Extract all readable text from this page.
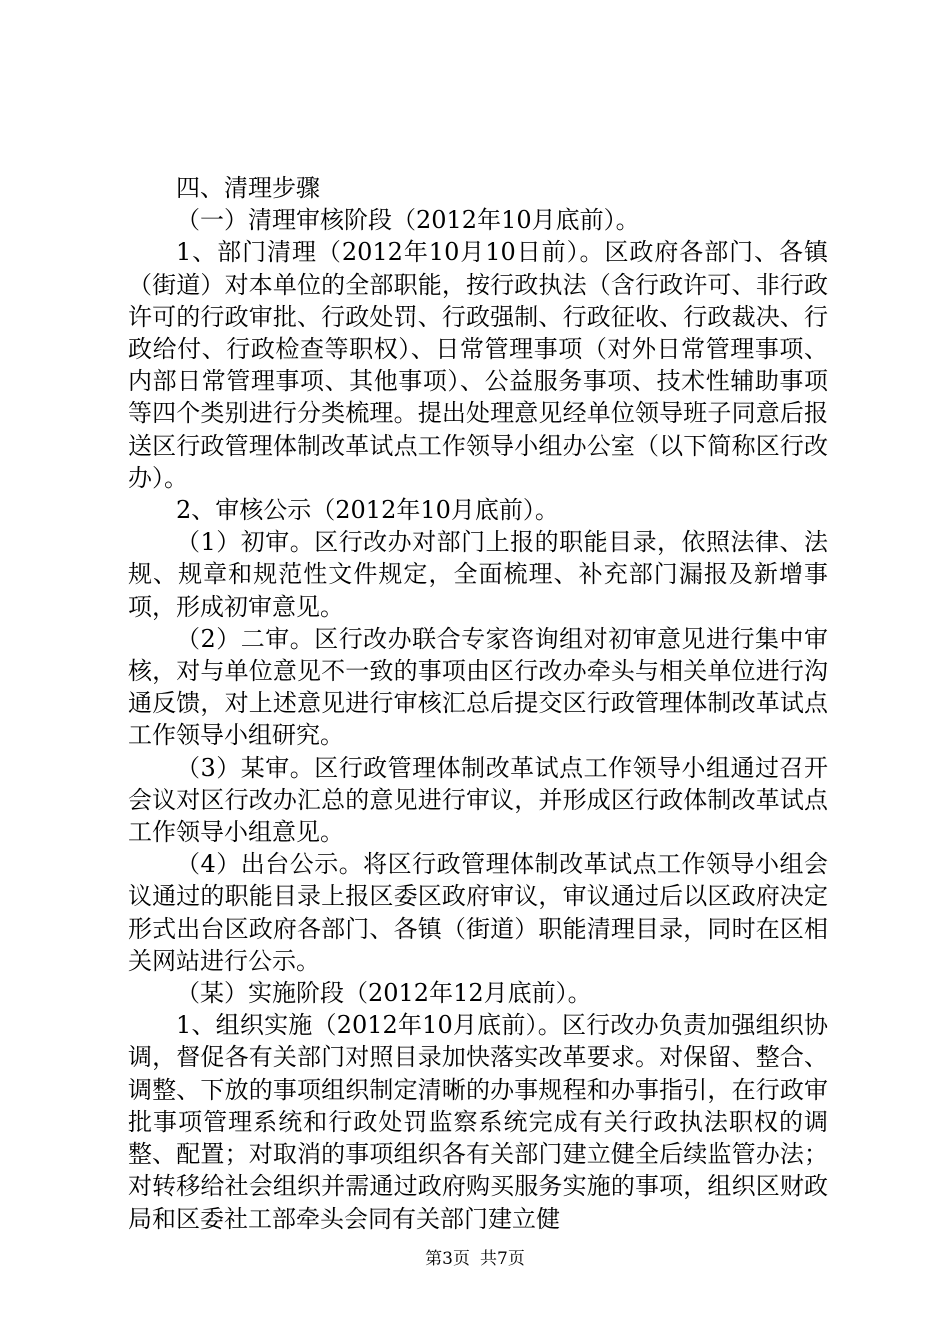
四、清理步骤

（一）清理审核阶段（2012年10月底前）。

1、部门清理（2012年10月10日前）。区政府各部门、各镇（街道）对本单位的全部职能，按行政执法（含行政许可、非行政许可的行政审批、行政处罚、行政强制、行政征收、行政裁决、行政给付、行政检查等职权）、日常管理事项（对外日常管理事项、内部日常管理事项、其他事项）、公益服务事项、技术性辅助事项等四个类别进行分类梳理。提出处理意见经单位领导班子同意后报送区行政管理体制改革试点工作领导小组办公室（以下简称区行改办）。

2、审核公示（2012年10月底前）。

（1）初审。区行改办对部门上报的职能目录，依照法律、法规、规章和规范性文件规定，全面梳理、补充部门漏报及新增事项，形成初审意见。

（2）二审。区行改办联合专家咨询组对初审意见进行集中审核，对与单位意见不一致的事项由区行改办牵头与相关单位进行沟通反馈，对上述意见进行审核汇总后提交区行政管理体制改革试点工作领导小组研究。

（3）某审。区行政管理体制改革试点工作领导小组通过召开会议对区行改办汇总的意见进行审议，并形成区行政体制改革试点工作领导小组意见。

（4）出台公示。将区行政管理体制改革试点工作领导小组会议通过的职能目录上报区委区政府审议，审议通过后以区政府决定形式出台区政府各部门、各镇（街道）职能清理目录，同时在区相关网站进行公示。

（某）实施阶段（2012年12月底前）。

1、组织实施（2012年10月底前）。区行改办负责加强组织协调，督促各有关部门对照目录加快落实改革要求。对保留、整合、调整、下放的事项组织制定清晰的办事规程和办事指引，在行政审批事项管理系统和行政处罚监察系统完成有关行政执法职权的调整、配置；对取消的事项组织各有关部门建立健全后续监管办法；对转移给社会组织并需通过政府购买服务实施的事项，组织区财政局和区委社工部牵头会同有关部门建立健

第3页 共7页
